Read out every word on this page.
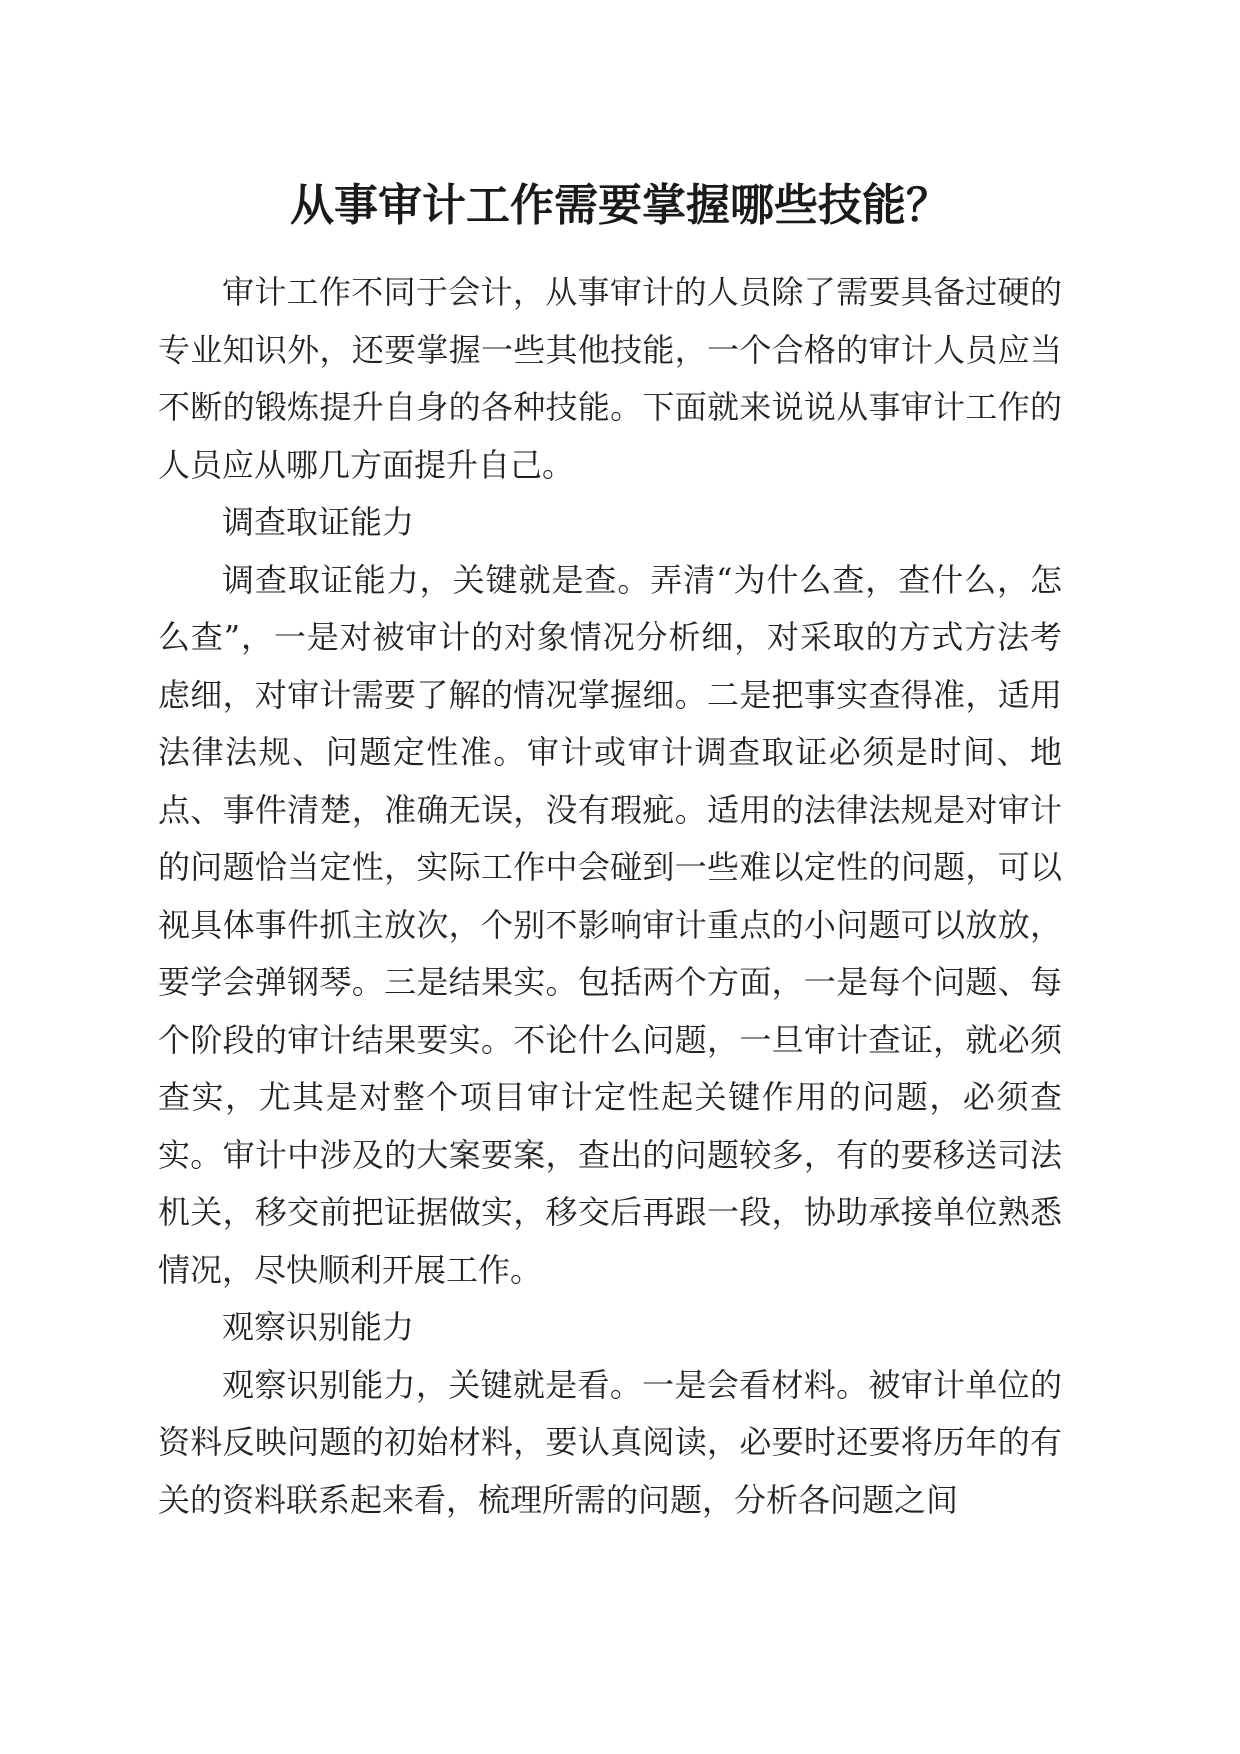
从事审计工作需要掌握哪些技能？

审计工作不同于会计，从事审计的人员除了需要具备过硬的专业知识外，还要掌握一些其他技能，一个合格的审计人员应当不断的锻炼提升自身的各种技能。下面就来说说从事审计工作的人员应从哪几方面提升自己。

调查取证能力

调查取证能力，关键就是查。弄清“为什么查，查什么，怎么查”，一是对被审计的对象情况分析细，对采取的方式方法考虑细，对审计需要了解的情况掌握细。二是把事实查得准，适用法律法规、问题定性准。审计或审计调查取证必须是时间、地点、事件清楚，准确无误，没有瑕疵。适用的法律法规是对审计的问题恰当定性，实际工作中会碰到一些难以定性的问题，可以视具体事件抓主放次，个别不影响审计重点的小问题可以放放，要学会弹钢琴。三是结果实。包括两个方面，一是每个问题、每个阶段的审计结果要实。不论什么问题，一旦审计查证，就必须查实，尤其是对整个项目审计定性起关键作用的问题，必须查实。审计中涉及的大案要案，查出的问题较多，有的要移送司法机关，移交前把证据做实，移交后再跟一段，协助承接单位熟悉情况，尽快顺利开展工作。

观察识别能力

观察识别能力，关键就是看。一是会看材料。被审计单位的资料反映问题的初始材料，要认真阅读，必要时还要将历年的有关的资料联系起来看，梳理所需的问题，分析各问题之间
